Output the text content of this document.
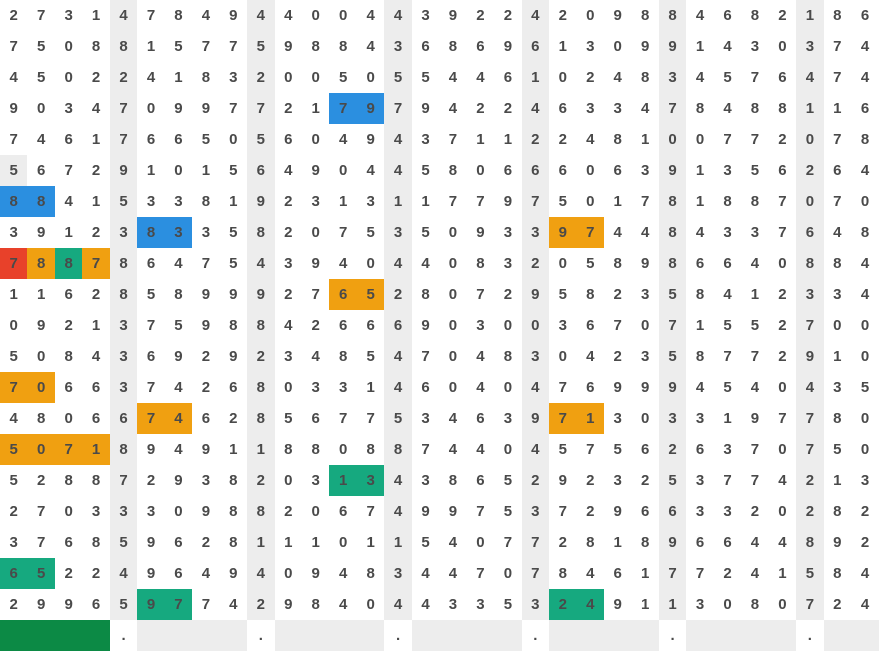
2	7	3	1	4	7	8	4	9	4	4	0	0	4	4	3	9	2	2	4	2	0	9	8	8	4	6	8	2	1	8	6
7	5	0	8	8	1	5	7	7	5	9	8	8	4	3	6	8	6	9	6	1	3	0	9	9	1	4	3	0	3	7	4
4	5	0	2	2	4	1	8	3	2	0	0	5	0	5	5	4	4	6	1	0	2	4	8	3	4	5	7	6	4	7	4
9	0	3	4	7	0	9	9	7	7	2	1	7	9	7	9	4	2	2	4	6	3	3	4	7	8	4	8	8	1	1	6
7	4	6	1	7	6	6	5	0	5	6	0	4	9	4	3	7	1	1	2	2	4	8	1	0	0	7	7	2	0	7	8
5	6	7	2	9	1	0	1	5	6	4	9	0	4	4	5	8	0	6	6	6	0	6	3	9	1	3	5	6	2	6	4
8	8	4	1	5	3	3	8	1	9	2	3	1	3	1	1	7	7	9	7	5	0	1	7	8	1	8	8	7	0	7	0
3	9	1	2	3	8	3	3	5	8	2	0	7	5	3	5	0	9	3	3	9	7	4	4	8	4	3	3	7	6	4	8
7	8	8	7	8	6	4	7	5	4	3	9	4	0	4	4	0	8	3	2	0	5	8	9	8	6	6	4	0	8	8	4
1	1	6	2	8	5	8	9	9	9	2	7	6	5	2	8	0	7	2	9	5	8	2	3	5	8	4	1	2	3	3	4
0	9	2	1	3	7	5	9	8	8	4	2	6	6	6	9	0	3	0	0	3	6	7	0	7	1	5	5	2	7	0	0
5	0	8	4	3	6	9	2	9	2	3	4	8	5	4	7	0	4	8	3	0	4	2	3	5	8	7	7	2	9	1	0
7	0	6	6	3	7	4	2	6	8	0	3	3	1	4	6	0	4	0	4	7	6	9	9	9	4	5	4	0	4	3	5
4	8	0	6	6	7	4	6	2	8	5	6	7	7	5	3	4	6	3	9	7	1	3	0	3	3	1	9	7	7	8	0
5	0	7	1	8	9	4	9	1	1	8	8	0	8	8	7	4	4	0	4	5	7	5	6	2	6	3	7	0	7	5	0
5	2	8	8	7	2	9	3	8	2	0	3	1	3	4	3	8	6	5	2	9	2	3	2	5	3	7	7	4	2	1	3
2	7	0	3	3	3	0	9	8	8	2	0	6	7	4	9	9	7	5	3	7	2	9	6	6	3	3	2	0	2	8	2
3	7	6	8	5	9	6	2	8	1	1	1	0	1	1	5	4	0	7	7	2	8	1	8	9	6	6	4	4	8	9	2
6	5	2	2	4	9	6	4	9	4	0	9	4	8	3	4	4	7	0	7	8	4	6	1	7	7	2	4	1	5	8	4
2	9	9	6	5	9	7	7	4	2	9	8	4	0	4	4	3	3	5	3	2	4	9	1	1	3	0	8	0	7	2	4
				.					.					.					.					.					.		
